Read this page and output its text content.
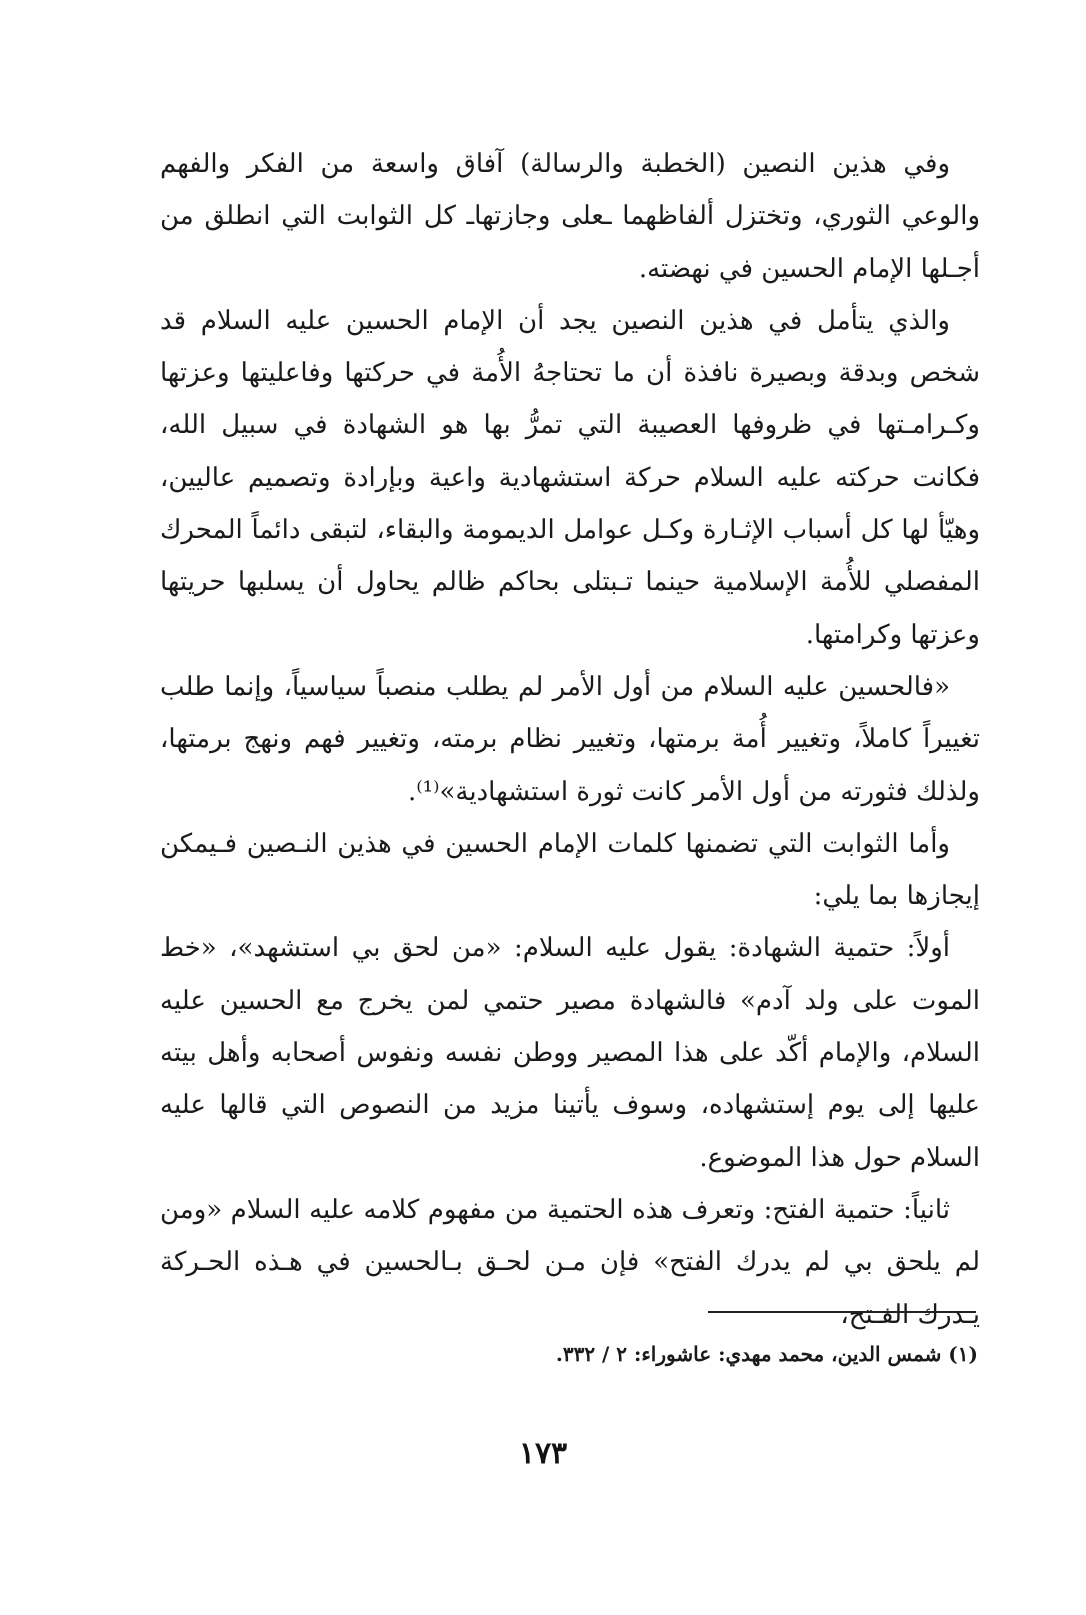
وفي هذين النصين (الخطبة والرسالة) آفاق واسعة من الفكر والفهم والوعي الثوري، وتختزل ألفاظهما ـعلى وجازتهاـ كل الثوابت التي انطلق من أجـلها الإمام الحسين في نهضته.

والذي يتأمل في هذين النصين يجد أن الإمام الحسين عليه السلام قد شخص وبدقة وبصيرة نافذة أن ما تحتاجهُ الأُمة في حركتها وفاعليتها وعزتها وكـرامـتها في ظروفها العصيبة التي تمرُّ بها هو الشهادة في سبيل الله، فكانت حركته عليه السلام حركة استشهادية واعية وبإرادة وتصميم عاليين، وهيّأ لها كل أسباب الإثـارة وكـل عوامل الديمومة والبقاء، لتبقى دائماً المحرك المفصلي للأُمة الإسلامية حينما تـبتلى بحاكم ظالم يحاول أن يسلبها حريتها وعزتها وكرامتها.

«فالحسين عليه السلام من أول الأمر لم يطلب منصباً سياسياً، وإنما طلب تغييراً كاملاً، وتغيير أُمة برمتها، وتغيير نظام برمته، وتغيير فهم ونهج برمتها، ولذلك فثورته من أول الأمر كانت ثورة استشهادية»⁽¹⁾.

وأما الثوابت التي تضمنها كلمات الإمام الحسين في هذين النـصين فـيمكن إيجازها بما يلي:

أولاً: حتمية الشهادة: يقول عليه السلام: «من لحق بي استشهد»، «خط الموت على ولد آدم» فالشهادة مصير حتمي لمن يخرج مع الحسين عليه السلام، والإمام أكّد على هذا المصير ووطن نفسه ونفوس أصحابه وأهل بيته عليها إلى يوم إستشهاده، وسوف يأتينا مزيد من النصوص التي قالها عليه السلام حول هذا الموضوع.

ثانياً: حتمية الفتح: وتعرف هذه الحتمية من مفهوم كلامه عليه السلام «ومن لم يلحق بي لم يدرك الفتح» فإن مـن لحـق بـالحسين في هـذه الحـركة يـدرك الفـتح،

(١) شمس الدين، محمد مهدي: عاشوراء: ٢ / ٣٣٢.
١٧٣
